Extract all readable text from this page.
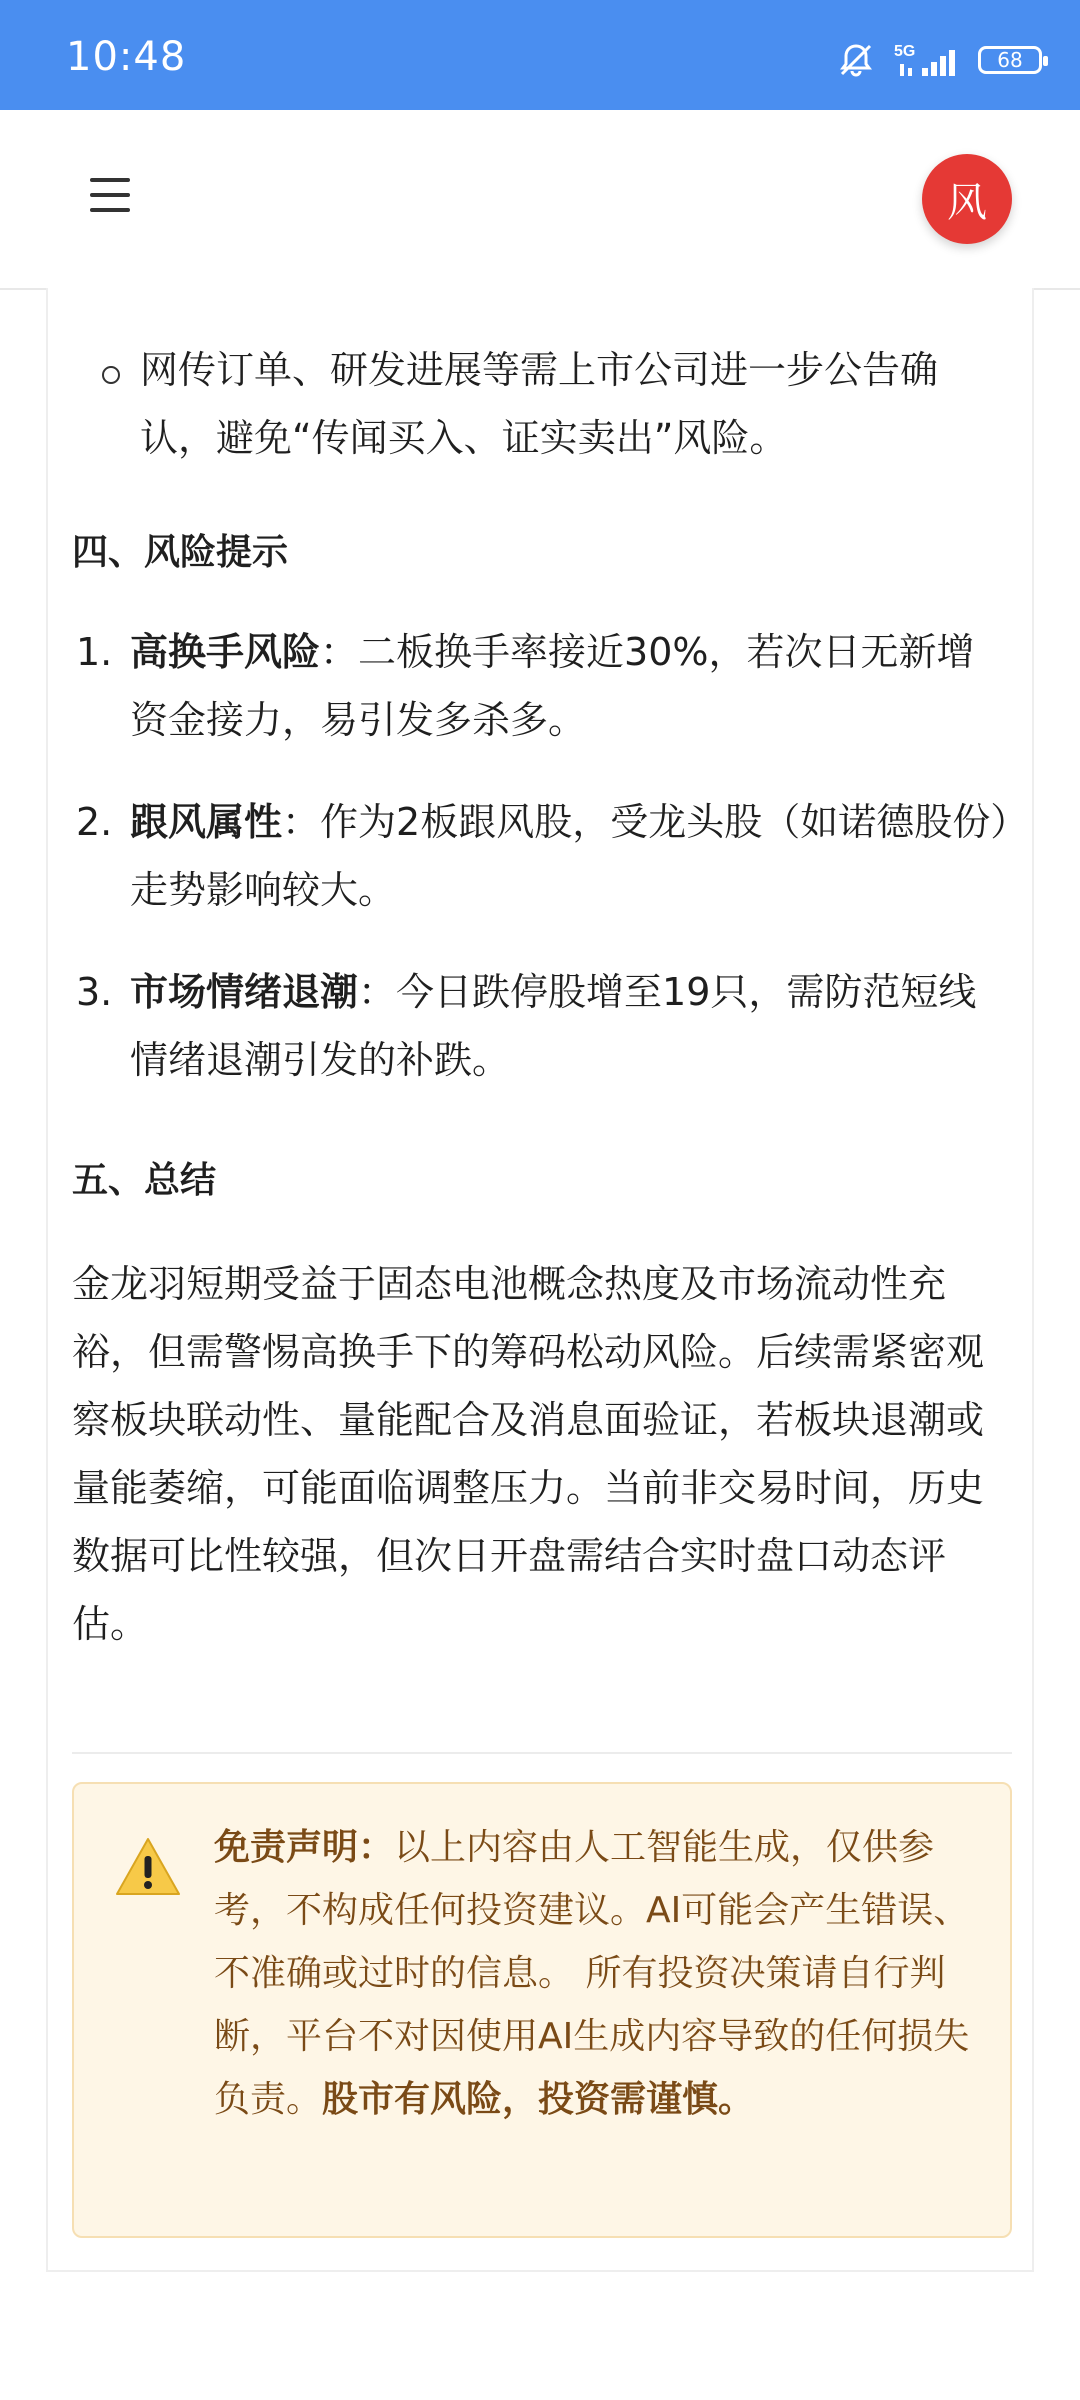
10:48	5G	68
风
网传订单、研发进展等需上市公司进一步公告确认，避免“传闻买入、证实卖出”风险。
四、风险提示
1. 高换手风险：二板换手率接近30%，若次日无新增资金接力，易引发多杀多。
2. 跟风属性：作为2板跟风股，受龙头股（如诺德股份）走势影响较大。
3. 市场情绪退潮：今日跌停股增至19只，需防范短线情绪退潮引发的补跌。
五、总结
金龙羽短期受益于固态电池概念热度及市场流动性充裕，但需警惕高换手下的筹码松动风险。后续需紧密观察板块联动性、量能配合及消息面验证，若板块退潮或量能萎缩，可能面临调整压力。当前非交易时间，历史数据可比性较强，但次日开盘需结合实时盘口动态评估。
免责声明：以上内容由人工智能生成，仅供参考，不构成任何投资建议。AI可能会产生错误、不准确或过时的信息。 所有投资决策请自行判断，平台不对因使用AI生成内容导致的任何损失负责。股市有风险，投资需谨慎。
